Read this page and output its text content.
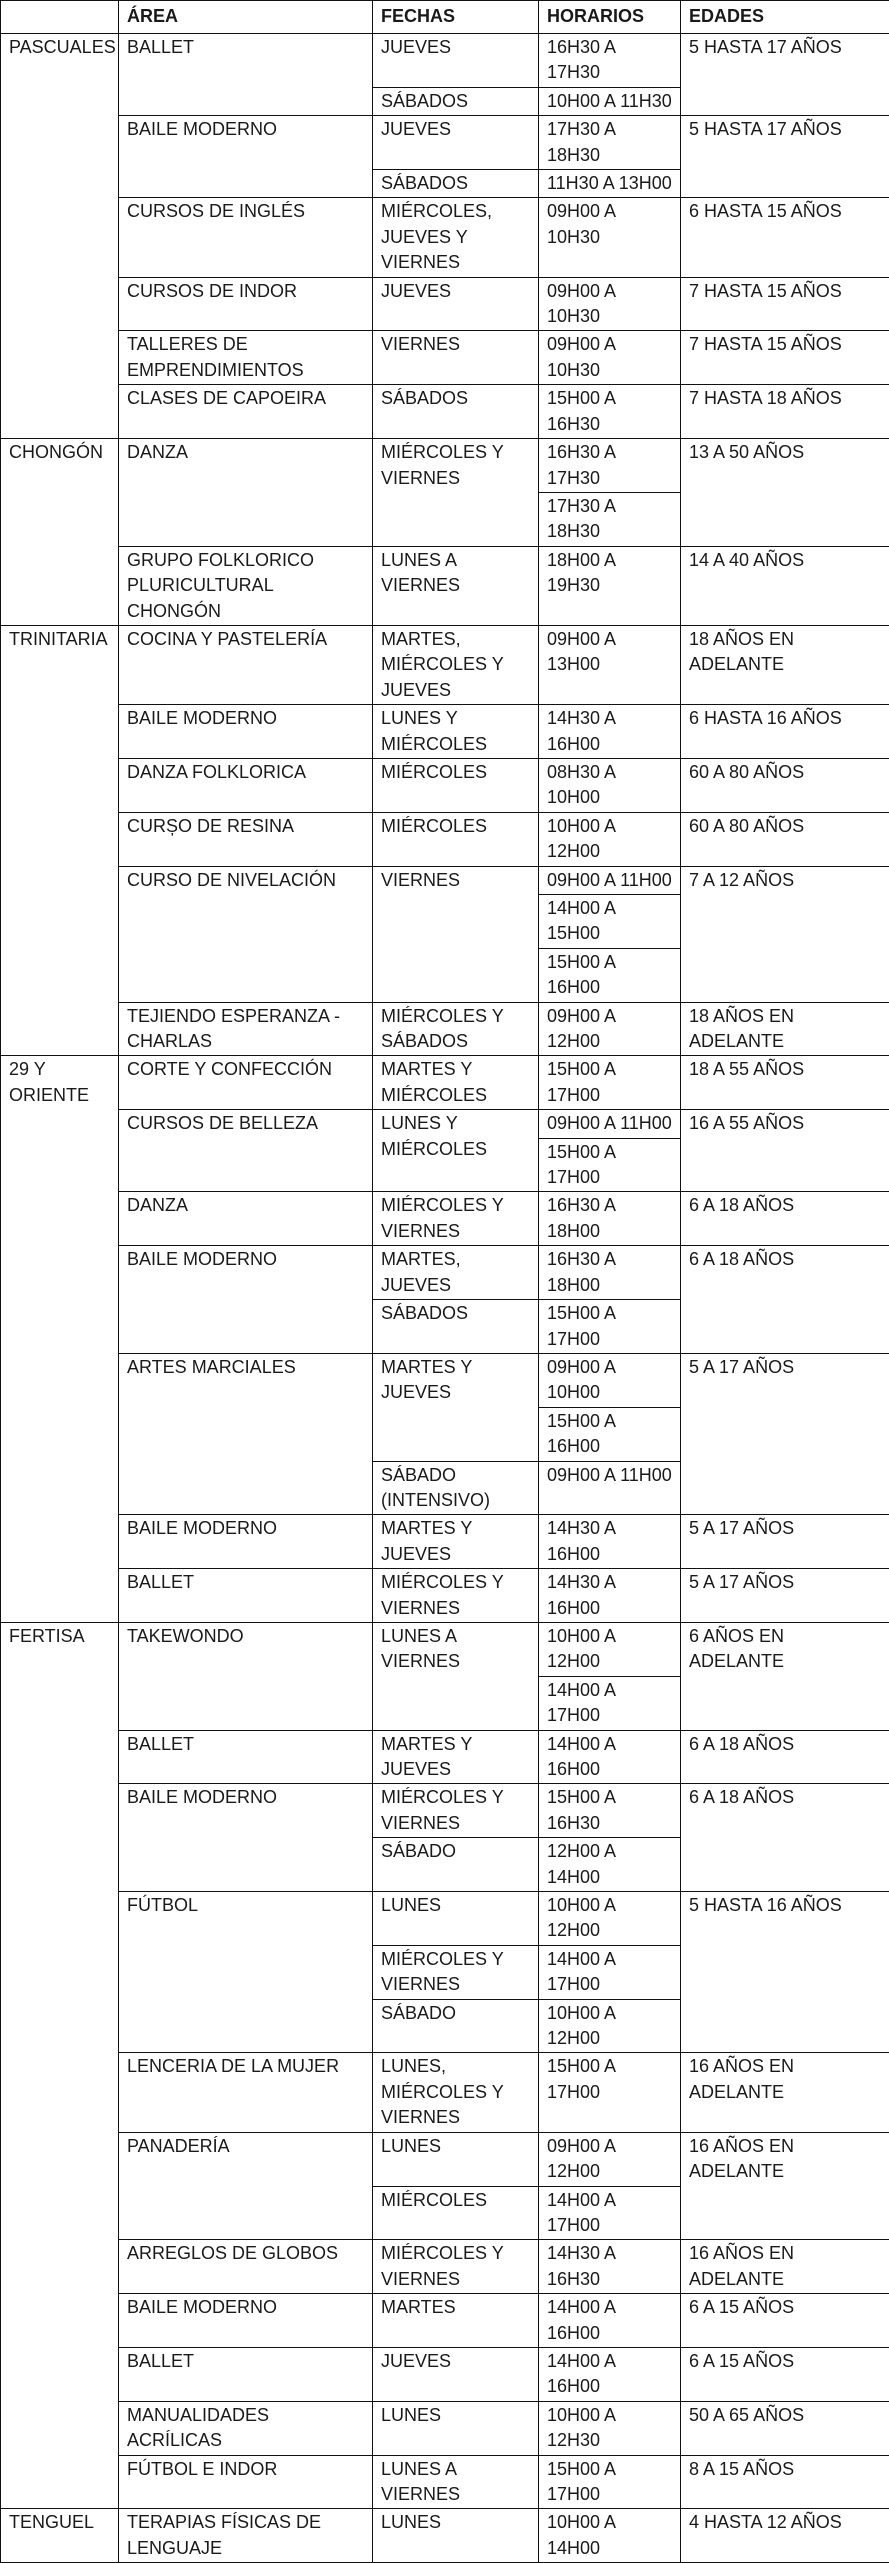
	ÁREA	FECHAS	HORARIOS	EDADES
PASCUALES	BALLET	JUEVES	16H30 A 17H30	5 HASTA 17 AÑOS
		SÁBADOS	10H00 A 11H30	
	BAILE MODERNO	JUEVES	17H30 A 18H30	5 HASTA 17 AÑOS
		SÁBADOS	11H30 A 13H00	
	CURSOS DE INGLÉS	MIÉRCOLES, JUEVES Y VIERNES	09H00 A 10H30	6 HASTA 15 AÑOS
	CURSOS DE INDOR	JUEVES	09H00 A 10H30	7 HASTA 15 AÑOS
	TALLERES DE EMPRENDIMIENTOS	VIERNES	09H00 A 10H30	7 HASTA 15 AÑOS
	CLASES DE CAPOEIRA	SÁBADOS	15H00 A 16H30	7 HASTA 18 AÑOS
CHONGÓN	DANZA	MIÉRCOLES Y VIERNES	16H30 A 17H30	13 A 50 AÑOS
			17H30 A 18H30	
	GRUPO FOLKLORICO PLURICULTURAL CHONGÓN	LUNES A VIERNES	18H00 A 19H30	14 A 40 AÑOS
TRINITARIA	COCINA Y PASTELERÍA	MARTES, MIÉRCOLES Y JUEVES	09H00 A 13H00	18 AÑOS EN ADELANTE
	BAILE MODERNO	LUNES Y MIÉRCOLES	14H30 A 16H00	6 HASTA 16 AÑOS
	DANZA FOLKLORICA	MIÉRCOLES	08H30 A 10H00	60 A 80 AÑOS
	CURȘO DE RESINA	MIÉRCOLES	10H00 A 12H00	60 A 80 AÑOS
	CURSO DE NIVELACIÓN	VIERNES	09H00 A 11H00	7 A 12 AÑOS
			14H00 A 15H00	
			15H00 A 16H00	
	TEJIENDO ESPERANZA - CHARLAS	MIÉRCOLES Y SÁBADOS	09H00 A 12H00	18 AÑOS EN ADELANTE
29 Y ORIENTE	CORTE Y CONFECCIÓN	MARTES Y MIÉRCOLES	15H00 A 17H00	18 A 55 AÑOS
	CURSOS DE BELLEZA	LUNES Y MIÉRCOLES	09H00 A 11H00	16 A 55 AÑOS
			15H00 A 17H00	
	DANZA	MIÉRCOLES Y VIERNES	16H30 A 18H00	6 A 18 AÑOS
	BAILE MODERNO	MARTES, JUEVES	16H30 A 18H00	6 A 18 AÑOS
		SÁBADOS	15H00 A 17H00	
	ARTES MARCIALES	MARTES Y JUEVES	09H00 A 10H00	5 A 17 AÑOS
			15H00 A 16H00	
		SÁBADO (INTENSIVO)	09H00 A 11H00	
	BAILE MODERNO	MARTES Y JUEVES	14H30 A 16H00	5 A 17 AÑOS
	BALLET	MIÉRCOLES Y VIERNES	14H30 A 16H00	5 A 17 AÑOS
FERTISA	TAKEWONDO	LUNES A VIERNES	10H00 A 12H00	6 AÑOS EN ADELANTE
			14H00 A 17H00	
	BALLET	MARTES Y JUEVES	14H00 A 16H00	6 A 18 AÑOS
	BAILE MODERNO	MIÉRCOLES Y VIERNES	15H00 A 16H30	6 A 18 AÑOS
		SÁBADO	12H00 A 14H00	
	FÚTBOL	LUNES	10H00 A 12H00	5 HASTA 16 AÑOS
		MIÉRCOLES Y VIERNES	14H00 A 17H00	
		SÁBADO	10H00 A 12H00	
	LENCERIA DE LA MUJER	LUNES, MIÉRCOLES Y VIERNES	15H00 A 17H00	16 AÑOS EN ADELANTE
	PANADERÍA	LUNES	09H00 A 12H00	16 AÑOS EN ADELANTE
		MIÉRCOLES	14H00 A 17H00	
	ARREGLOS DE GLOBOS	MIÉRCOLES Y VIERNES	14H30 A 16H30	16 AÑOS EN ADELANTE
	BAILE MODERNO	MARTES	14H00 A 16H00	6 A 15 AÑOS
	BALLET	JUEVES	14H00 A 16H00	6 A 15 AÑOS
	MANUALIDADES ACRÍLICAS	LUNES	10H00 A 12H30	50 A 65 AÑOS
	FÚTBOL E INDOR	LUNES A VIERNES	15H00 A 17H00	8 A 15 AÑOS
TENGUEL	TERAPIAS FÍSICAS DE LENGUAJE	LUNES	10H00 A 14H00	4 HASTA 12 AÑOS
